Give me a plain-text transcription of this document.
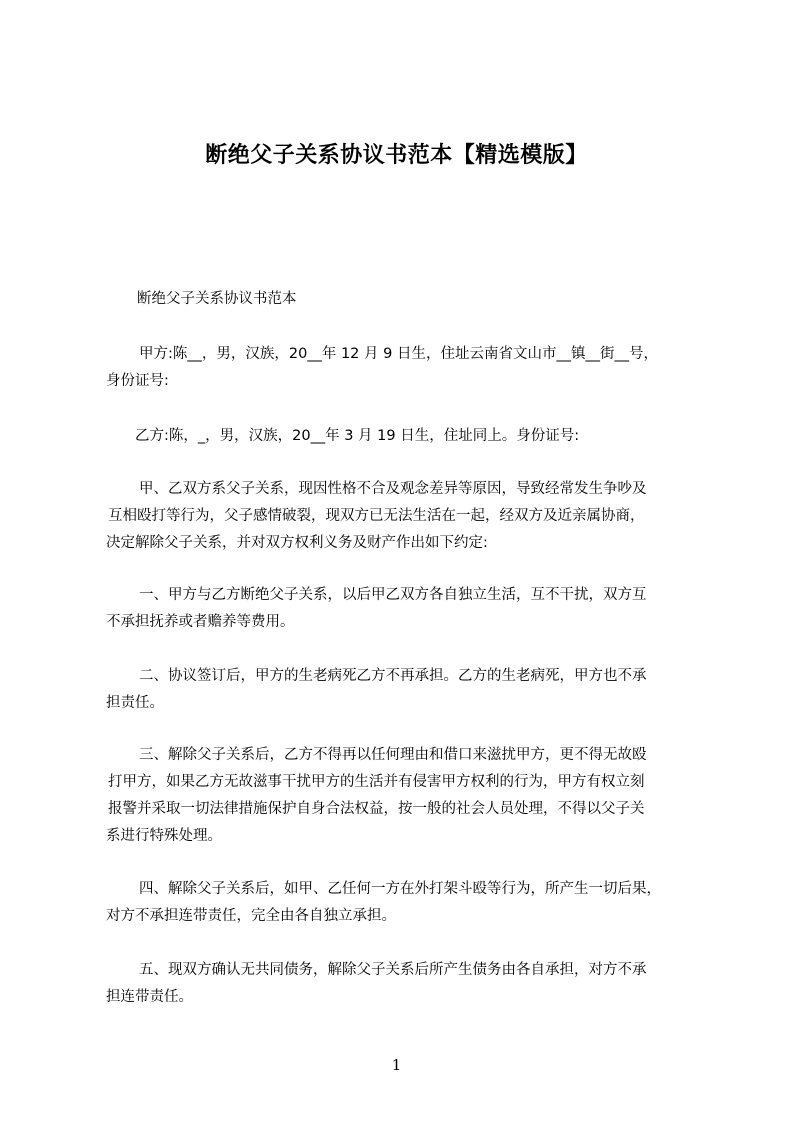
断绝父子关系协议书范本【精选模版】
断绝父子关系协议书范本
甲方:陈__，男，汉族，20__年 12 月 9 日生，住址云南省文山市__镇__街__号，
身份证号:
乙方:陈，_，男，汉族，20__年 3 月 19 日生，住址同上。身份证号:
甲、乙双方系父子关系，现因性格不合及观念差异等原因，导致经常发生争吵及
互相殴打等行为，父子感情破裂，现双方已无法生活在一起，经双方及近亲属协商，
决定解除父子关系，并对双方权利义务及财产作出如下约定:
一、甲方与乙方断绝父子关系，以后甲乙双方各自独立生活，互不干扰，双方互
不承担抚养或者赡养等费用。
二、协议签订后，甲方的生老病死乙方不再承担。乙方的生老病死，甲方也不承
担责任。
三、解除父子关系后，乙方不得再以任何理由和借口来滋扰甲方，更不得无故殴
打甲方，如果乙方无故滋事干扰甲方的生活并有侵害甲方权利的行为，甲方有权立刻
报警并采取一切法律措施保护自身合法权益，按一般的社会人员处理，不得以父子关
系进行特殊处理。
四、解除父子关系后，如甲、乙任何一方在外打架斗殴等行为，所产生一切后果，
对方不承担连带责任，完全由各自独立承担。
五、现双方确认无共同债务，解除父子关系后所产生债务由各自承担，对方不承
担连带责任。
1
